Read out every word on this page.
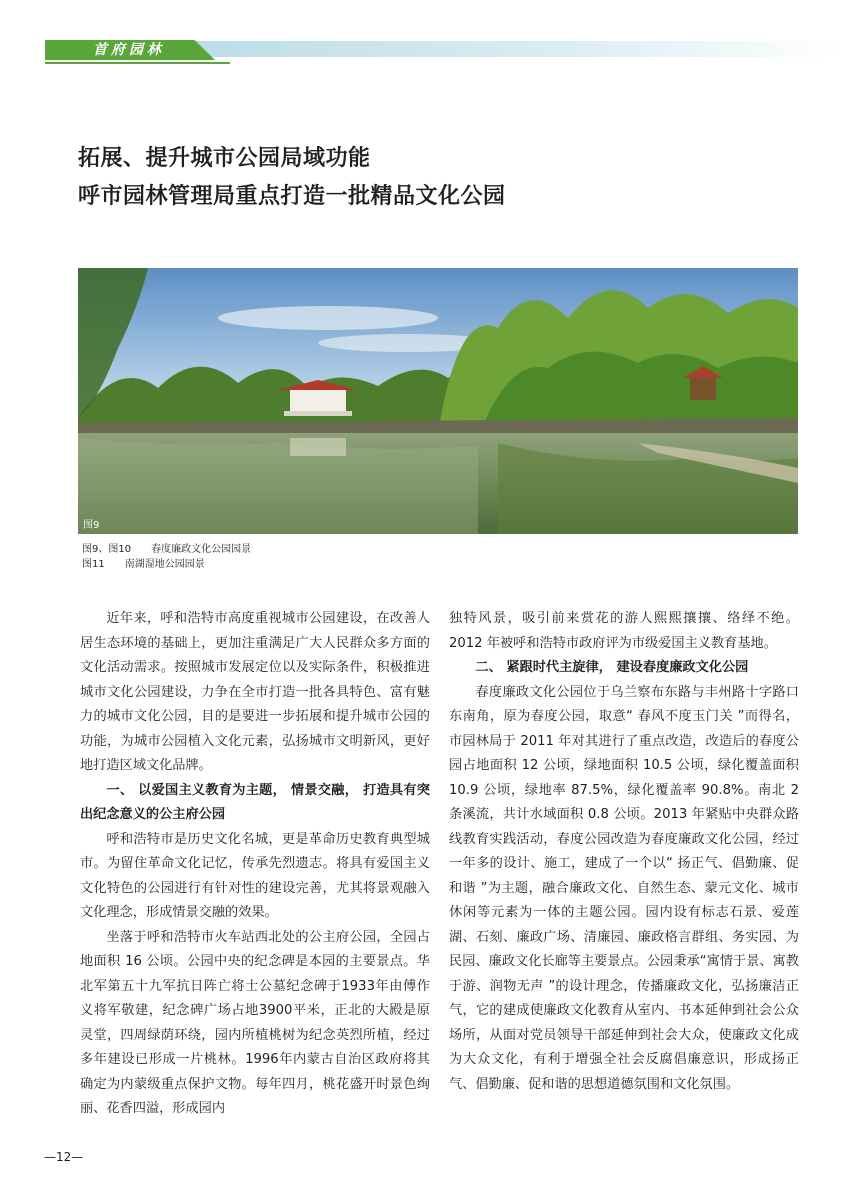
首府园林
拓展、提升城市公园局域功能
呼市园林管理局重点打造一批精品文化公园
图9
图9、图10 春度廉政文化公园园景
图11 南湖湿地公园园景

近年来，呼和浩特市高度重视城市公园建设，在改善人居生态环境的基础上，更加注重满足广大人民群众多方面的文化活动需求。按照城市发展定位以及实际条件，积极推进城市文化公园建设，力争在全市打造一批各具特色、富有魅力的城市文化公园，目的是要进一步拓展和提升城市公园的功能，为城市公园植入文化元素，弘扬城市文明新风，更好地打造区域文化品牌。

一、 以爱国主义教育为主题， 情景交融， 打造具有突出纪念意义的公主府公园

呼和浩特市是历史文化名城，更是革命历史教育典型城市。为留住革命文化记忆，传承先烈遗志。将具有爱国主义文化特色的公园进行有针对性的建设完善，尤其将景观融入文化理念，形成情景交融的效果。

坐落于呼和浩特市火车站西北处的公主府公园，全园占地面积 16 公顷。公园中央的纪念碑是本园的主要景点。华北军第五十九军抗日阵亡将士公墓纪念碑于1933年由傅作义将军敬建，纪念碑广场占地3900平米，正北的大殿是原灵堂，四周绿荫环绕，园内所植桃树为纪念英烈所植，经过多年建设已形成一片桃林。1996年内蒙古自治区政府将其确定为内蒙级重点保护文物。每年四月，桃花盛开时景色绚丽、花香四溢，形成园内

独特风景，吸引前来赏花的游人熙熙攘攘、络绎不绝。2012 年被呼和浩特市政府评为市级爱国主义教育基地。

二、 紧跟时代主旋律， 建设春度廉政文化公园

春度廉政文化公园位于乌兰察布东路与丰州路十字路口东南角，原为春度公园，取意“ 春风不度玉门关 ”而得名，市园林局于 2011 年对其进行了重点改造，改造后的春度公园占地面积 12 公顷，绿地面积 10.5 公顷，绿化覆盖面积 10.9 公顷，绿地率 87.5%，绿化覆盖率 90.8%。南北 2 条溪流，共计水域面积 0.8 公顷。2013 年紧贴中央群众路线教育实践活动，春度公园改造为春度廉政文化公园，经过一年多的设计、施工，建成了一个以“ 扬正气、倡勤廉、促和谐 ”为主题，融合廉政文化、自然生态、蒙元文化、城市休闲等元素为一体的主题公园。园内设有标志石景、爱莲湖、石刻、廉政广场、清廉园、廉政格言群组、务实园、为民园、廉政文化长廊等主要景点。公园秉承“寓情于景、寓教于游、润物无声 ”的设计理念，传播廉政文化，弘扬廉洁正气，它的建成使廉政文化教育从室内、书本延伸到社会公众场所，从面对党员领导干部延伸到社会大众，使廉政文化成为大众文化，有利于增强全社会反腐倡廉意识，形成扬正气、倡勤廉、促和谐的思想道德氛围和文化氛围。

—12—
